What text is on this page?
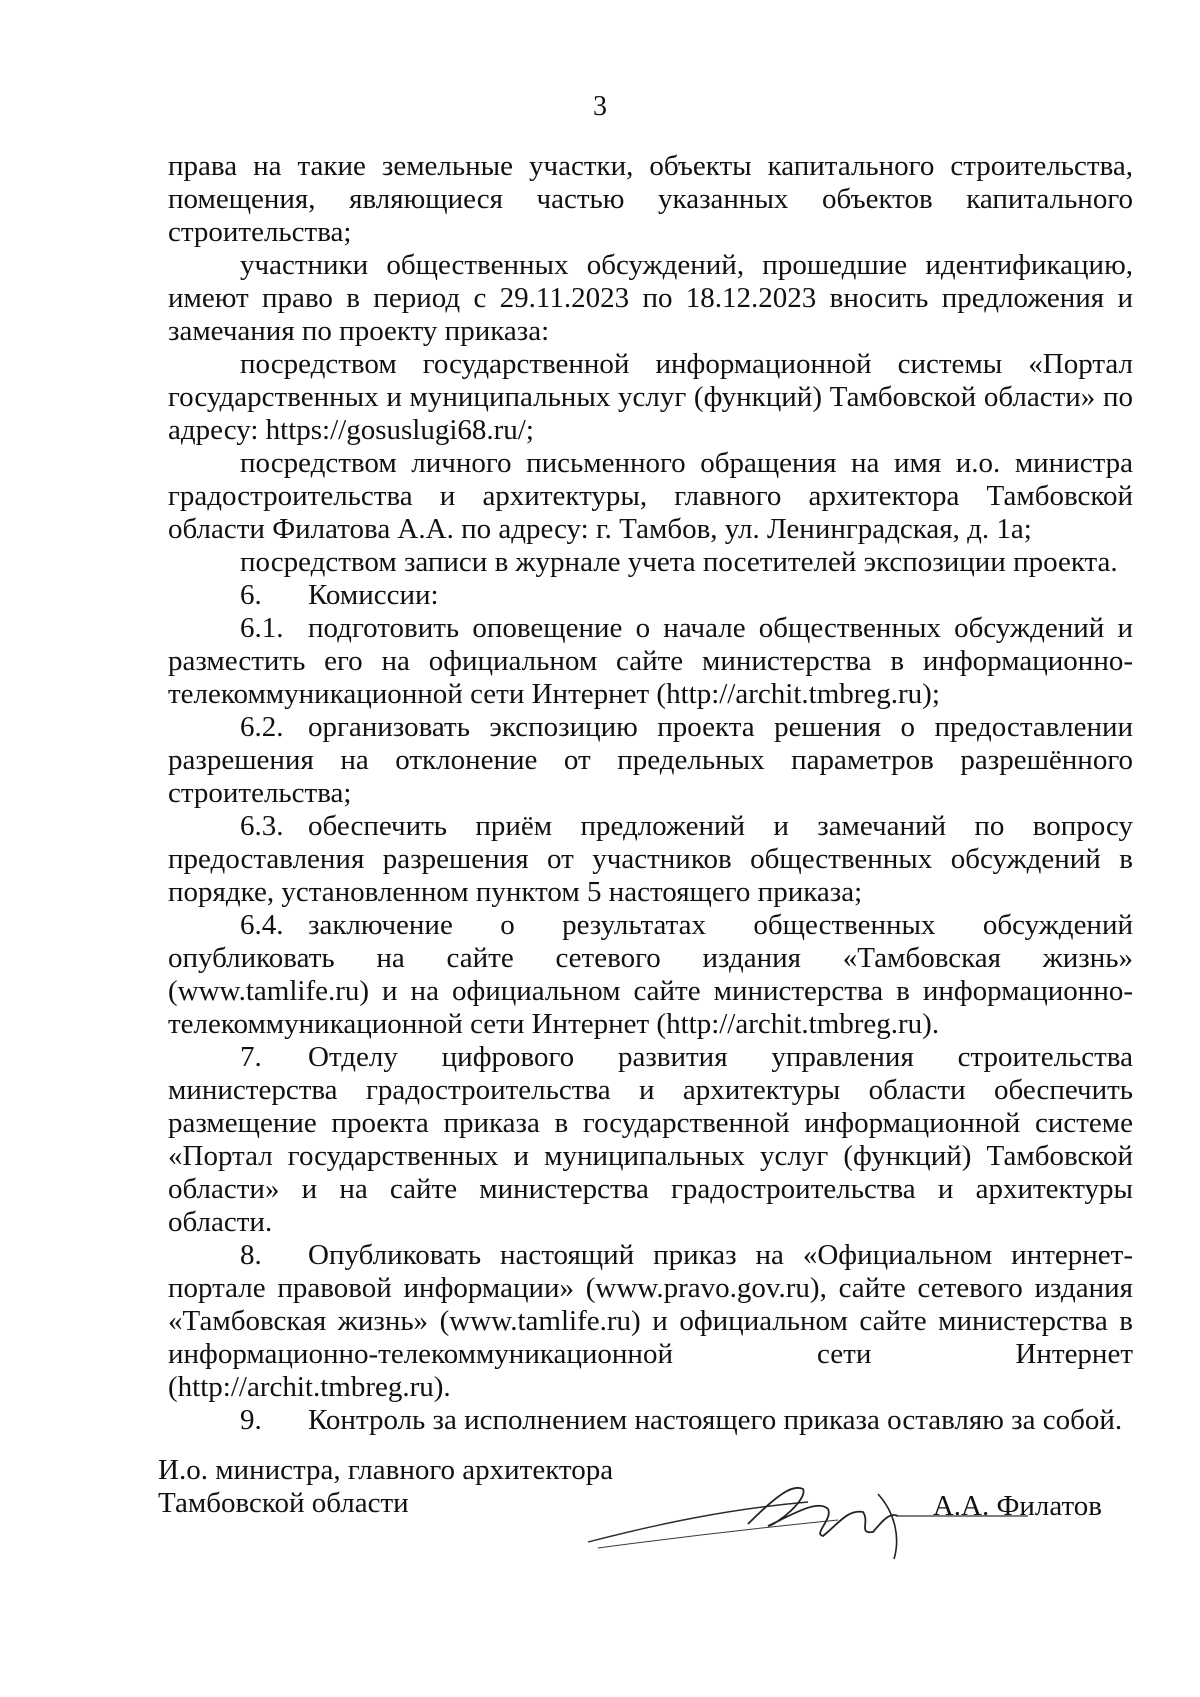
3

права на такие земельные участки, объекты капитального строительства, помещения, являющиеся частью указанных объектов капитального строительства;

участники общественных обсуждений, прошедшие идентификацию, имеют право в период с 29.11.2023 по 18.12.2023 вносить предложения и замечания по проекту приказа:

посредством государственной информационной системы «Портал государственных и муниципальных услуг (функций) Тамбовской области» по адресу: https://gosuslugi68.ru/;

посредством личного письменного обращения на имя и.о. министра градостроительства и архитектуры, главного архитектора Тамбовской области Филатова А.А. по адресу: г. Тамбов, ул. Ленинградская, д. 1а;

посредством записи в журнале учета посетителей экспозиции проекта.

6. Комиссии:

6.1. подготовить оповещение о начале общественных обсуждений и разместить его на официальном сайте министерства в информационно-телекоммуникационной сети Интернет (http://archit.tmbreg.ru);

6.2. организовать экспозицию проекта решения о предоставлении разрешения на отклонение от предельных параметров разрешённого строительства;

6.3. обеспечить приём предложений и замечаний по вопросу предоставления разрешения от участников общественных обсуждений в порядке, установленном пунктом 5 настоящего приказа;

6.4. заключение о результатах общественных обсуждений опубликовать на сайте сетевого издания «Тамбовская жизнь» (www.tamlife.ru) и на официальном сайте министерства в информационно-телекоммуникационной сети Интернет (http://archit.tmbreg.ru).

7. Отделу цифрового развития управления строительства министерства градостроительства и архитектуры области обеспечить размещение проекта приказа в государственной информационной системе «Портал государственных и муниципальных услуг (функций) Тамбовской области» и на сайте министерства градостроительства и архитектуры области.

8. Опубликовать настоящий приказ на «Официальном интернет-портале правовой информации» (www.pravo.gov.ru), сайте сетевого издания «Тамбовская жизнь» (www.tamlife.ru) и официальном сайте министерства в информационно-телекоммуникационной сети Интернет (http://archit.tmbreg.ru).

9. Контроль за исполнением настоящего приказа оставляю за собой.

И.о. министра, главного архитектора
Тамбовской области	А.А. Филатов
